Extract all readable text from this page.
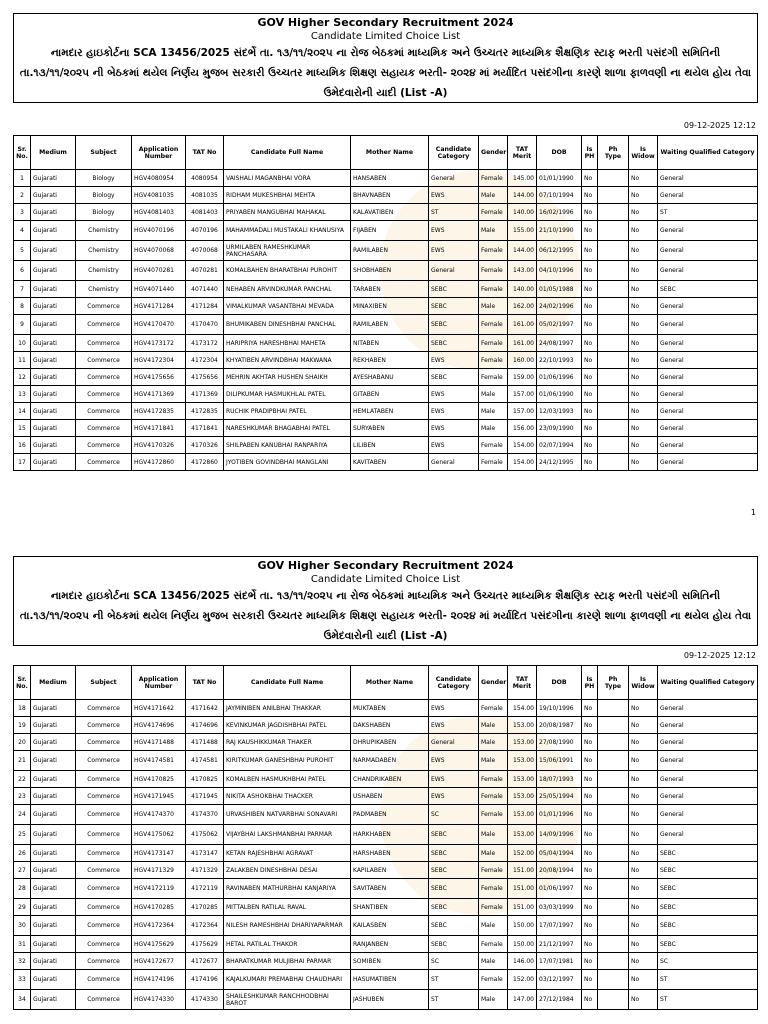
GOV Higher Secondary Recruitment 2024
Candidate Limited Choice List
નામદાર હાઇકોર્ટના SCA 13456/2025 સંદર્ભે તા. ૧૩/૧૧/૨૦૨૫ ના રોજ બેઠકમાં માધ્યમિક અને ઉચ્ચતર માધ્યમિક શૈક્ષણિક સ્ટાફ ભરતી પસંદગી સમિતિની તા.૧૩/૧૧/૨૦૨૫ ની બેઠકમાં થયેલ નિર્ણય મુજબ સરકારી ઉચ્ચતર માધ્યમિક શિક્ષણ સહાયક ભરતી- ૨૦૨૪ માં મર્યાદિત પસંદગીના કારણે શાળા ફાળવણી ના થયેલ હોય તેવા ઉમેદવારોની યાદી (List -A)
09-12-2025 12:12
Sr. No.	Medium	Subject	Application Number	TAT No	Candidate Full Name	Mother Name	Candidate Category	Gender	TAT Merit	DOB	Is PH	Ph Type	Is Widow	Waiting Qualified Category
1	Gujarati	Biology	HGV4080954	4080954	VAISHALI MAGANBHAI VORA	HANSABEN	General	Female	145.00	01/01/1990	No		No	General
2	Gujarati	Biology	HGV4081035	4081035	RIDHAM MUKESHBHAI MEHTA	BHAVNABEN	EWS	Male	144.00	07/10/1994	No		No	General
3	Gujarati	Biology	HGV4081403	4081403	PRIYABEN MANGUBHAI MAHAKAL	KALAVATIBEN	ST	Female	140.00	16/02/1996	No		No	ST
4	Gujarati	Chemistry	HGV4070196	4070196	MAHAMMADALI MUSTAKALI KHANUSIYA	FIJABEN	EWS	Male	155.00	21/10/1990	No		No	General
5	Gujarati	Chemistry	HGV4070068	4070068	URMILABEN RAMESHKUMAR PANCHASARA	RAMILABEN	EWS	Female	144.00	06/12/1995	No		No	General
6	Gujarati	Chemistry	HGV4070281	4070281	KOMALBAHEN BHARATBHAI PUROHIT	SHOBHABEN	General	Female	143.00	04/10/1996	No		No	General
7	Gujarati	Chemistry	HGV4071440	4071440	NEHABEN ARVINDKUMAR PANCHAL	TARABEN	SEBC	Female	140.00	01/05/1988	No		No	SEBC
8	Gujarati	Commerce	HGV4171284	4171284	VIMALKUMAR VASANTBHAI MEVADA	MINAXIBEN	SEBC	Male	162.00	24/02/1996	No		No	General
9	Gujarati	Commerce	HGV4170470	4170470	BHUMIKABEN DINESHBHAI PANCHAL	RAMILABEN	SEBC	Female	161.00	05/02/1997	No		No	General
10	Gujarati	Commerce	HGV4173172	4173172	HARIPRIYA HARESHBHAI MAHETA	NITABEN	SEBC	Female	161.00	24/08/1997	No		No	General
11	Gujarati	Commerce	HGV4172304	4172304	KHYATIBEN ARVINDBHAI MAKWANA	REKHABEN	EWS	Female	160.00	22/10/1993	No		No	General
12	Gujarati	Commerce	HGV4175656	4175656	MEHRIN AKHTAR HUSHEN SHAIKH	AYESHABANU	SEBC	Female	159.00	01/06/1996	No		No	General
13	Gujarati	Commerce	HGV4171369	4171369	DILIPKUMAR HASMUKHLAL PATEL	GITABEN	EWS	Male	157.00	01/06/1990	No		No	General
14	Gujarati	Commerce	HGV4172835	4172835	RUCHIK PRADIPBHAI PATEL	HEMLATABEN	EWS	Male	157.00	12/03/1993	No		No	General
15	Gujarati	Commerce	HGV4171841	4171841	NARESHKUMAR BHAGABHAI PATEL	SURYABEN	EWS	Male	156.00	23/09/1990	No		No	General
16	Gujarati	Commerce	HGV4170326	4170326	SHILPABEN KANUBHAI RANPARIYA	LILIBEN	EWS	Female	154.00	02/07/1994	No		No	General
17	Gujarati	Commerce	HGV4172860	4172860	JYOTIBEN GOVINDBHAI MANGLANI	KAVITABEN	General	Female	154.00	24/12/1995	No		No	General
1
GOV Higher Secondary Recruitment 2024
Candidate Limited Choice List
નામદાર હાઇકોર્ટના SCA 13456/2025 સંદર્ભે તા. ૧૩/૧૧/૨૦૨૫ ના રોજ બેઠકમાં માધ્યમિક અને ઉચ્ચતર માધ્યમિક શૈક્ષણિક સ્ટાફ ભરતી પસંદગી સમિતિની તા.૧૩/૧૧/૨૦૨૫ ની બેઠકમાં થયેલ નિર્ણય મુજબ સરકારી ઉચ્ચતર માધ્યમિક શિક્ષણ સહાયક ભરતી- ૨૦૨૪ માં મર્યાદિત પસંદગીના કારણે શાળા ફાળવણી ના થયેલ હોય તેવા ઉમેદવારોની યાદી (List -A)
09-12-2025 12:12
Sr. No.	Medium	Subject	Application Number	TAT No	Candidate Full Name	Mother Name	Candidate Category	Gender	TAT Merit	DOB	Is PH	Ph Type	Is Widow	Waiting Qualified Category
18	Gujarati	Commerce	HGV4171642	4171642	JAYMINIBEN ANILBHAI THAKKAR	MUKTABEN	EWS	Female	154.00	19/10/1996	No		No	General
19	Gujarati	Commerce	HGV4174696	4174696	KEVINKUMAR JAGDISHBHAI PATEL	DAKSHABEN	EWS	Male	153.00	20/08/1987	No		No	General
20	Gujarati	Commerce	HGV4171488	4171488	RAJ KAUSHIKKUMAR THAKER	DHRUPIKABEN	General	Male	153.00	27/08/1990	No		No	General
21	Gujarati	Commerce	HGV4174581	4174581	KIRITKUMAR GANESHBHAI PUROHIT	NARMADABEN	EWS	Male	153.00	15/06/1991	No		No	General
22	Gujarati	Commerce	HGV4170825	4170825	KOMALBEN HASMUKHBHAI PATEL	CHANDRIKABEN	EWS	Female	153.00	18/07/1993	No		No	General
23	Gujarati	Commerce	HGV4171945	4171945	NIKITA ASHOKBHAI THACKER	USHABEN	EWS	Female	153.00	25/05/1994	No		No	General
24	Gujarati	Commerce	HGV4174370	4174370	URVASHIBEN NATVARBHAI SONAVARI	PADMABEN	SC	Female	153.00	01/01/1996	No		No	General
25	Gujarati	Commerce	HGV4175062	4175062	VIJAYBHAI LAKSHMANBHAI PARMAR	HARKHABEN	SEBC	Male	153.00	14/09/1996	No		No	General
26	Gujarati	Commerce	HGV4173147	4173147	KETAN RAJESHBHAI AGRAVAT	HARSHABEN	SEBC	Male	152.00	05/04/1994	No		No	SEBC
27	Gujarati	Commerce	HGV4171329	4171329	ZALAKBEN DINESHBHAI DESAI	KAPILABEN	SEBC	Female	151.00	20/08/1994	No		No	SEBC
28	Gujarati	Commerce	HGV4172119	4172119	RAVINABEN MATHURBHAI KANJARIYA	SAVITABEN	SEBC	Female	151.00	01/06/1997	No		No	SEBC
29	Gujarati	Commerce	HGV4170285	4170285	MITTALBEN RATILAL RAVAL	SHANTIBEN	SEBC	Female	151.00	03/03/1999	No		No	SEBC
30	Gujarati	Commerce	HGV4172364	4172364	NILESH RAMESHBHAI DHARIYAPARMAR	KAILASBEN	SEBC	Male	150.00	17/07/1997	No		No	SEBC
31	Gujarati	Commerce	HGV4175629	4175629	HETAL RATILAL THAKOR	RANJANBEN	SEBC	Female	150.00	21/12/1997	No		No	SEBC
32	Gujarati	Commerce	HGV4172677	4172677	BHARATKUMAR MULJIBHAI PARMAR	SOMIBEN	SC	Male	146.00	17/07/1981	No		No	SC
33	Gujarati	Commerce	HGV4174196	4174196	KAJALKUMARI PREMABHAI CHAUDHARI	HASUMATIBEN	ST	Female	152.00	03/12/1997	No		No	ST
34	Gujarati	Commerce	HGV4174330	4174330	SHAILESHKUMAR RANCHHODBHAI BAROT	JASHUBEN	ST	Male	147.00	27/12/1984	No		No	ST
